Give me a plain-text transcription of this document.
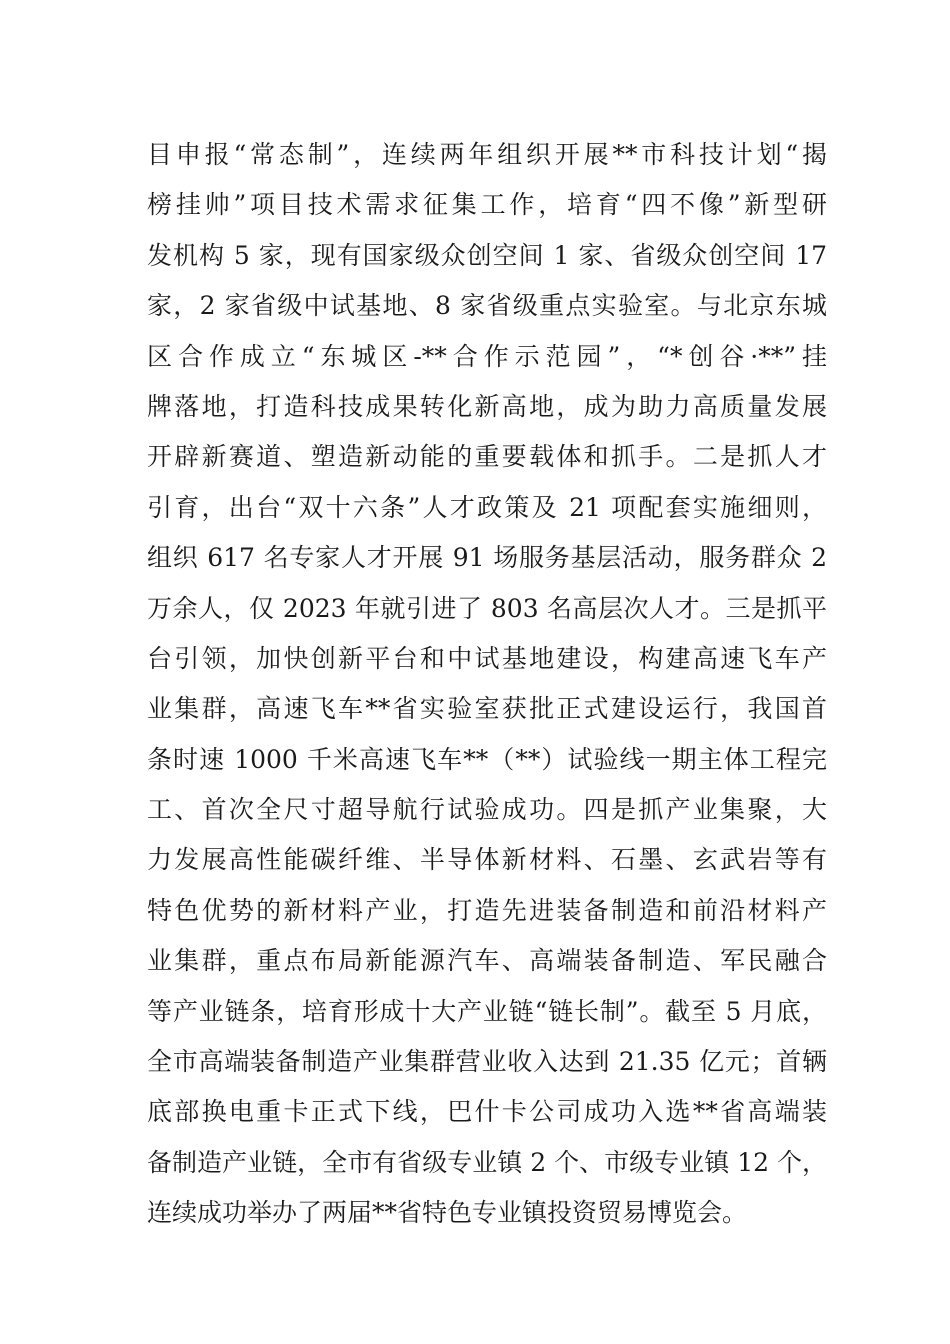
目申报“常态制”，连续两年组织开展**市科技计划“揭
榜挂帅”项目技术需求征集工作，培育“四不像”新型研
发机构 5 家，现有国家级众创空间 1 家、省级众创空间 17
家，2 家省级中试基地、8 家省级重点实验室。与北京东城
区合作成立“东城区-**合作示范园”，“*创谷·**”挂
牌落地，打造科技成果转化新高地，成为助力高质量发展
开辟新赛道、塑造新动能的重要载体和抓手。二是抓人才
引育，出台“双十六条”人才政策及 21 项配套实施细则，
组织 617 名专家人才开展 91 场服务基层活动，服务群众 2
万余人，仅 2023 年就引进了 803 名高层次人才。三是抓平
台引领，加快创新平台和中试基地建设，构建高速飞车产
业集群，高速飞车**省实验室获批正式建设运行，我国首
条时速 1000 千米高速飞车**（**）试验线一期主体工程完
工、首次全尺寸超导航行试验成功。四是抓产业集聚，大
力发展高性能碳纤维、半导体新材料、石墨、玄武岩等有
特色优势的新材料产业，打造先进装备制造和前沿材料产
业集群，重点布局新能源汽车、高端装备制造、军民融合
等产业链条，培育形成十大产业链“链长制”。截至 5 月底，
全市高端装备制造产业集群营业收入达到 21.35 亿元；首辆
底部换电重卡正式下线，巴什卡公司成功入选**省高端装
备制造产业链，全市有省级专业镇 2 个、市级专业镇 12 个，
连续成功举办了两届**省特色专业镇投资贸易博览会。
